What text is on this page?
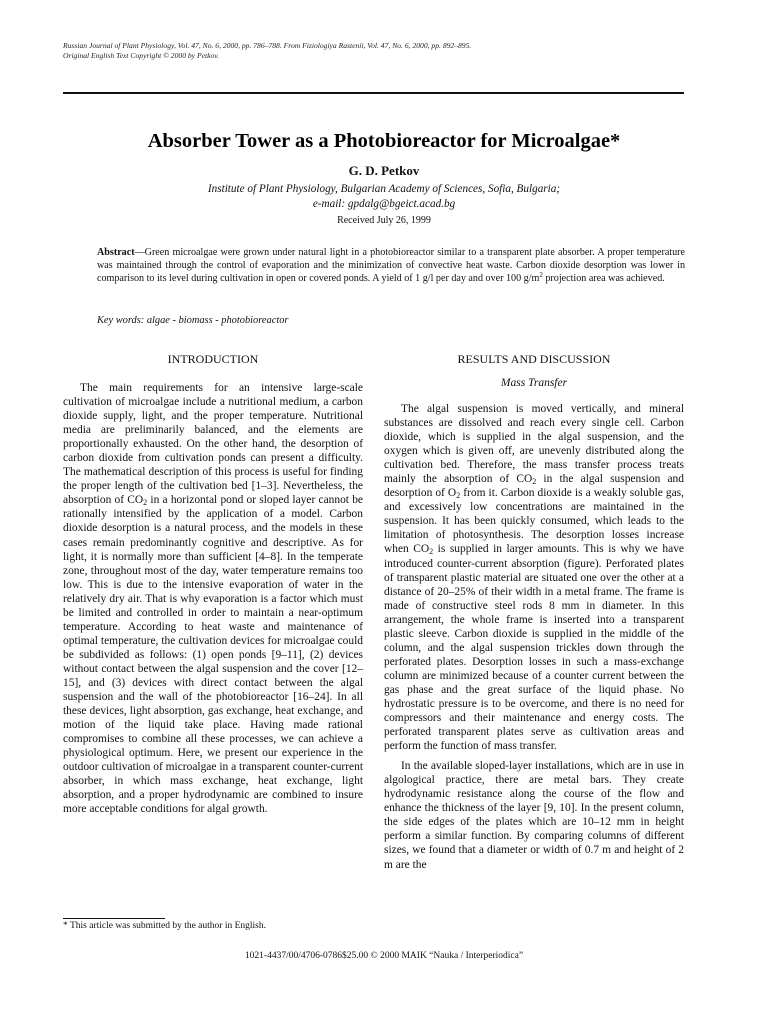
Russian Journal of Plant Physiology, Vol. 47, No. 6, 2000, pp. 786–788. From Fiziologiya Rastenii, Vol. 47, No. 6, 2000, pp. 892–895.
Original English Text Copyright © 2000 by Petkov.
Absorber Tower as a Photobioreactor for Microalgae*
G. D. Petkov
Institute of Plant Physiology, Bulgarian Academy of Sciences, Sofia, Bulgaria;
e-mail: gpdalg@bgeict.acad.bg
Received July 26, 1999
Abstract—Green microalgae were grown under natural light in a photobioreactor similar to a transparent plate absorber. A proper temperature was maintained through the control of evaporation and the minimization of convective heat waste. Carbon dioxide desorption was lower in comparison to its level during cultivation in open or covered ponds. A yield of 1 g/l per day and over 100 $g/m^2$ projection area was achieved.
Key words: algae - biomass - photobioreactor
INTRODUCTION

The main requirements for an intensive large-scale cultivation of microalgae include a nutritional medium, a carbon dioxide supply, light, and the proper temperature. Nutritional media are preliminarily balanced, and the elements are proportionally exhausted. On the other hand, the desorption of carbon dioxide from cultivation ponds can present a difficulty. The mathematical description of this process is useful for finding the proper length of the cultivation bed [1–3]. Nevertheless, the absorption of $CO_2$ in a horizontal pond or sloped layer cannot be rationally intensified by the application of a model. Carbon dioxide desorption is a natural process, and the models in these cases remain predominantly cognitive and descriptive. As for light, it is normally more than sufficient [4–8]. In the temperate zone, throughout most of the day, water temperature remains too low. This is due to the intensive evaporation of water in the relatively dry air. That is why evaporation is a factor which must be limited and controlled in order to maintain a near-optimum temperature. According to heat waste and maintenance of optimal temperature, the cultivation devices for microalgae could be subdivided as follows: (1) open ponds [9–11], (2) devices without contact between the algal suspension and the cover [12–15], and (3) devices with direct contact between the algal suspension and the wall of the photobioreactor [16–24]. In all these devices, light absorption, gas exchange, heat exchange, and motion of the liquid take place. Having made rational compromises to combine all these processes, we can achieve a physiological optimum. Here, we present our experience in the outdoor cultivation of microalgae in a transparent counter-current absorber, in which mass exchange, heat exchange, light absorption, and a proper hydrodynamic are combined to insure more acceptable conditions for algal growth.

RESULTS AND DISCUSSION
Mass Transfer

The algal suspension is moved vertically, and mineral substances are dissolved and reach every single cell. Carbon dioxide, which is supplied in the algal suspension, and the oxygen which is given off, are unevenly distributed along the cultivation bed. Therefore, the mass transfer process treats mainly the absorption of $CO_2$ in the algal suspension and desorption of $O_2$ from it. Carbon dioxide is a weakly soluble gas, and excessively low concentrations are maintained in the suspension. It has been quickly consumed, which leads to the limitation of photosynthesis. The desorption losses increase when $CO_2$ is supplied in larger amounts. This is why we have introduced counter-current absorption (figure). Perforated plates of transparent plastic material are situated one over the other at a distance of 20–25% of their width in a metal frame. The frame is made of constructive steel rods 8 mm in diameter. In this arrangement, the whole frame is inserted into a transparent plastic sleeve. Carbon dioxide is supplied in the middle of the column, and the algal suspension trickles down through the perforated plates. Desorption losses in such a mass-exchange column are minimized because of a counter current between the gas phase and the great surface of the liquid phase. No hydrostatic pressure is to be overcome, and there is no need for compressors and their maintenance and energy costs. The perforated transparent plates serve as cultivation areas and perform the function of mass transfer.

In the available sloped-layer installations, which are in use in algological practice, there are metal bars. They create hydrodynamic resistance along the course of the flow and enhance the thickness of the layer [9, 10]. In the present column, the side edges of the plates which are 10–12 mm in height perform a similar function. By comparing columns of different sizes, we found that a diameter or width of 0.7 m and height of 2 m are the

* This article was submitted by the author in English.
1021-4437/00/4706-0786$25.00 © 2000 MAIK “Nauka / Interperiodica”
